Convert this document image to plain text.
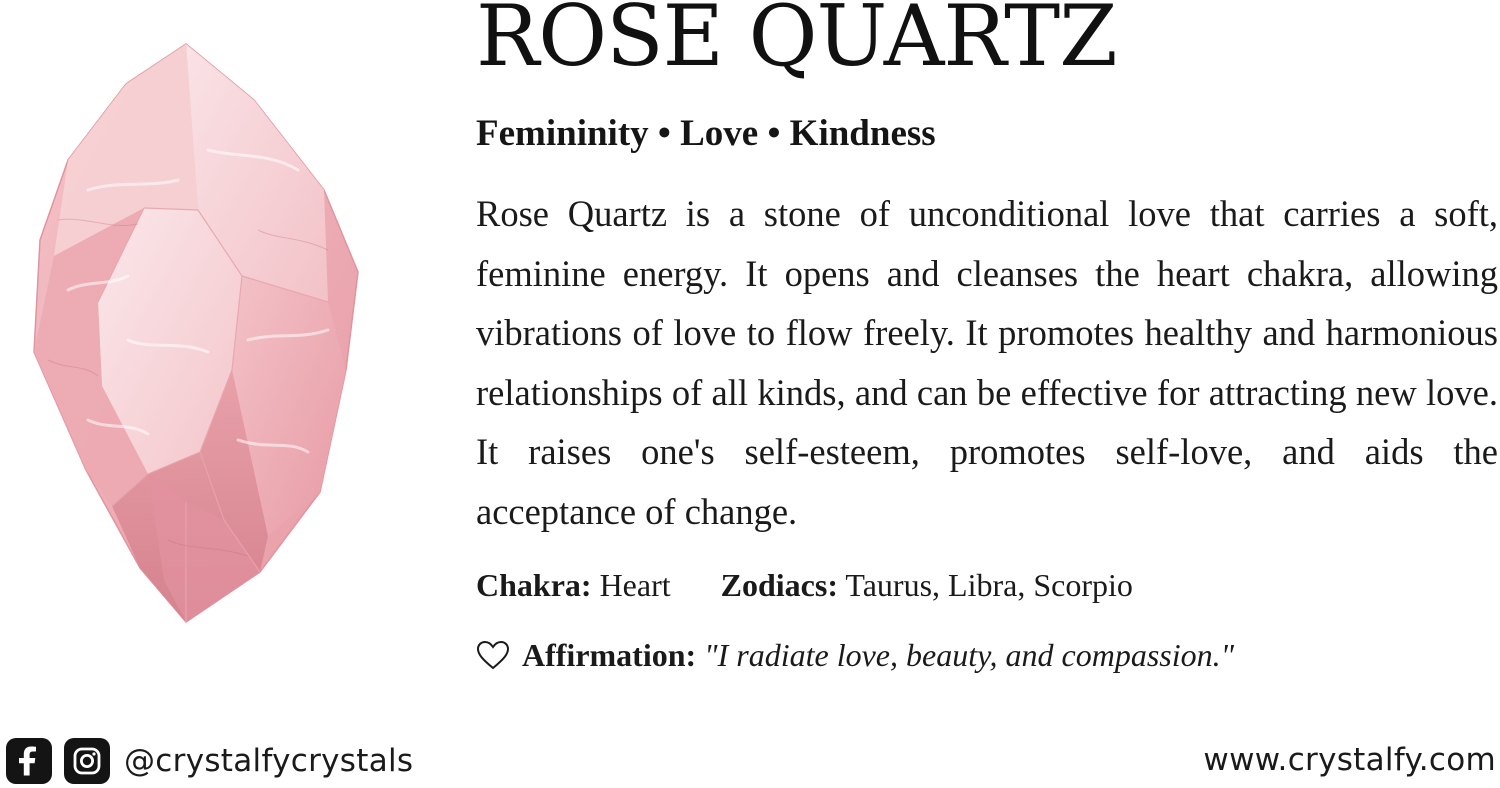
ROSE QUARTZ
Femininity • Love • Kindness

Rose Quartz is a stone of unconditional love that carries a soft, feminine energy. It opens and cleanses the heart chakra, allowing vibrations of love to flow freely. It promotes healthy and harmonious relationships of all kinds, and can be effective for attracting new love. It raises one's self-esteem, promotes self-love, and aids the acceptance of change.

Chakra: Heart Zodiacs: Taurus, Libra, Scorpio
Affirmation: "I radiate love, beauty, and compassion."
@crystalfycrystals	www.crystalfy.com
